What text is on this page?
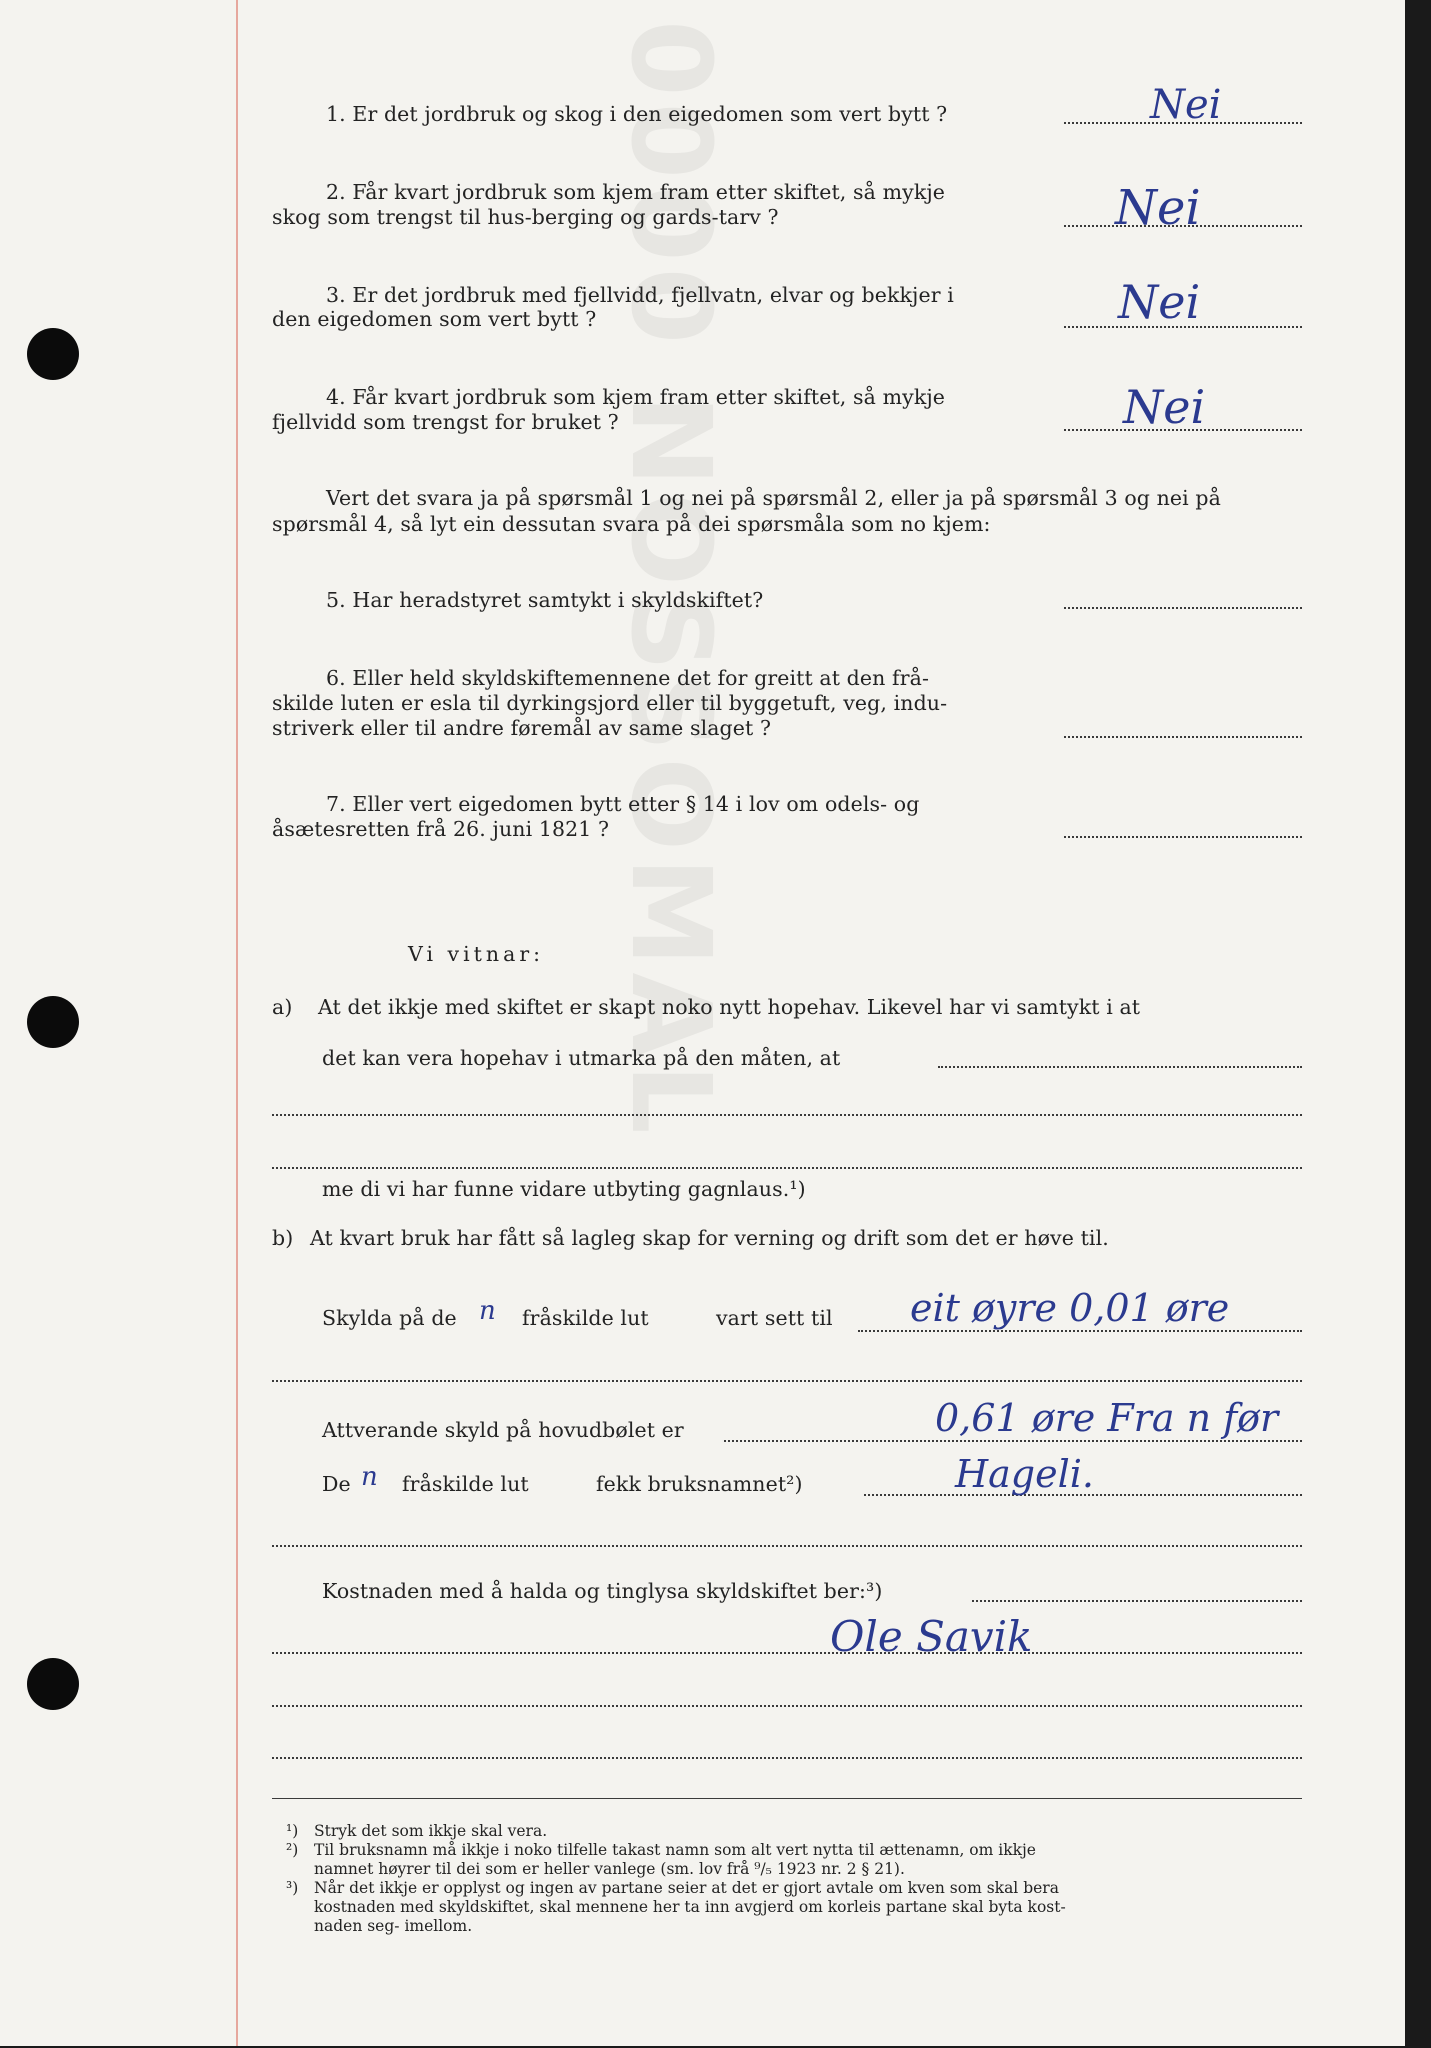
0000 NOSSOMAL
1. Er det jordbruk og skog i den eigedomen som vert bytt ?	Nei
2. Får kvart jordbruk som kjem fram etter skiftet, så mykje
skog som trengst til hus-berging og gards-tarv ?	Nei
3. Er det jordbruk med fjellvidd, fjellvatn, elvar og bekkjer i
den eigedomen som vert bytt ?	Nei
4. Får kvart jordbruk som kjem fram etter skiftet, så mykje
fjellvidd som trengst for bruket ?	Nei
Vert det svara ja på spørsmål 1 og nei på spørsmål 2, eller ja på spørsmål 3 og nei på
spørsmål 4, så lyt ein dessutan svara på dei spørsmåla som no kjem:
5. Har heradstyret samtykt i skyldskiftet?
6. Eller held skyldskiftemennene det for greitt at den frå-
skilde luten er esla til dyrkingsjord eller til byggetuft, veg, indu-
striverk eller til andre føremål av same slaget ?
7. Eller vert eigedomen bytt etter § 14 i lov om odels- og
åsætesretten frå 26. juni 1821 ?
Vi vitnar:
a) At det ikkje med skiftet er skapt noko nytt hopehav. Likevel har vi samtykt i at
det kan vera hopehav i utmarka på den måten, at
me di vi har funne vidare utbyting gagnlaus.¹)
b) At kvart bruk har fått så lagleg skap for verning og drift som det er høve til.
Skylda på de n fråskilde lut	vart sett til eit øyre 0,01 øre
Attverande skyld på hovudbølet er	0,61 øre Fra n før
De n fråskilde lut	fekk bruksnamnet²)	Hageli.
Kostnaden med å halda og tinglysa skyldskiftet ber:³)
Ole Savik
¹) Stryk det som ikkje skal vera.
²) Til bruksnamn må ikkje i noko tilfelle takast namn som alt vert nytta til ættenamn, om ikkje
namnet høyrer til dei som er heller vanlege (sm. lov frå ⁹/₅ 1923 nr. 2 § 21).
³) Når det ikkje er opplyst og ingen av partane seier at det er gjort avtale om kven som skal bera
kostnaden med skyldskiftet, skal mennene her ta inn avgjerd om korleis partane skal byta kost-
naden seg- imellom.
